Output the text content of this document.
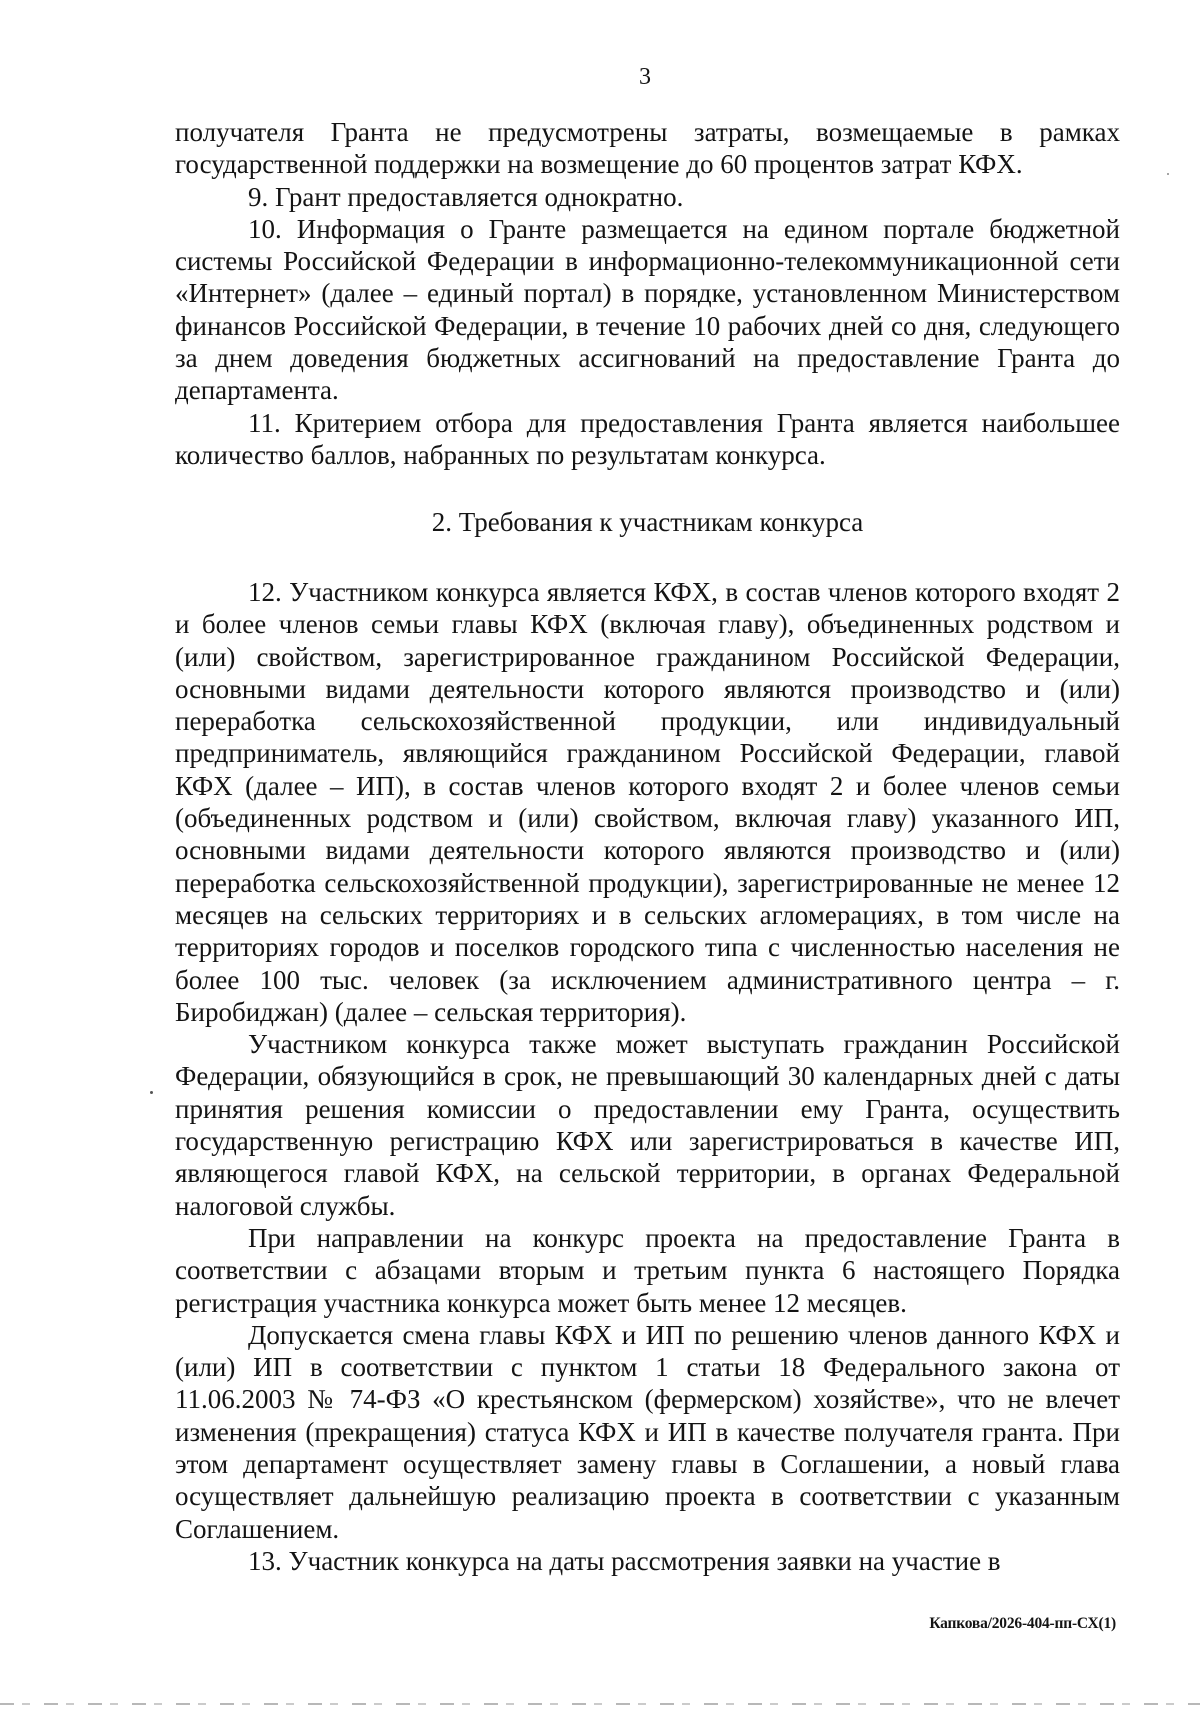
3

получателя Гранта не предусмотрены затраты, возмещаемые в рамках государственной поддержки на возмещение до 60 процентов затрат КФХ.

9. Грант предоставляется однократно.

10. Информация о Гранте размещается на едином портале бюджетной системы Российской Федерации в информационно-телекоммуникационной сети «Интернет» (далее – единый портал) в порядке, установленном Министерством финансов Российской Федерации, в течение 10 рабочих дней со дня, следующего за днем доведения бюджетных ассигнований на предоставление Гранта до департамента.

11. Критерием отбора для предоставления Гранта является наибольшее количество баллов, набранных по результатам конкурса.

2. Требования к участникам конкурса

12. Участником конкурса является КФХ, в состав членов которого входят 2 и более членов семьи главы КФХ (включая главу), объединенных родством и (или) свойством, зарегистрированное гражданином Российской Федерации, основными видами деятельности которого являются производство и (или) переработка сельскохозяйственной продукции, или индивидуальный предприниматель, являющийся гражданином Российской Федерации, главой КФХ (далее – ИП), в состав членов которого входят 2 и более членов семьи (объединенных родством и (или) свойством, включая главу) указанного ИП, основными видами деятельности которого являются производство и (или) переработка сельскохозяйственной продукции), зарегистрированные не менее 12 месяцев на сельских территориях и в сельских агломерациях, в том числе на территориях городов и поселков городского типа с численностью населения не более 100 тыс. человек (за исключением административного центра – г. Биробиджан) (далее – сельская территория).

Участником конкурса также может выступать гражданин Российской Федерации, обязующийся в срок, не превышающий 30 календарных дней с даты принятия решения комиссии о предоставлении ему Гранта, осуществить государственную регистрацию КФХ или зарегистрироваться в качестве ИП, являющегося главой КФХ, на сельской территории, в органах Федеральной налоговой службы.

При направлении на конкурс проекта на предоставление Гранта в соответствии с абзацами вторым и третьим пункта 6 настоящего Порядка регистрация участника конкурса может быть менее 12 месяцев.

Допускается смена главы КФХ и ИП по решению членов данного КФХ и (или) ИП в соответствии с пунктом 1 статьи 18 Федерального закона от 11.06.2003 № 74-ФЗ «О крестьянском (фермерском) хозяйстве», что не влечет изменения (прекращения) статуса КФХ и ИП в качестве получателя гранта. При этом департамент осуществляет замену главы в Соглашении, а новый глава осуществляет дальнейшую реализацию проекта в соответствии с указанным Соглашением.

13. Участник конкурса на даты рассмотрения заявки на участие в

Капкова/2026-404-пп-СХ(1)
